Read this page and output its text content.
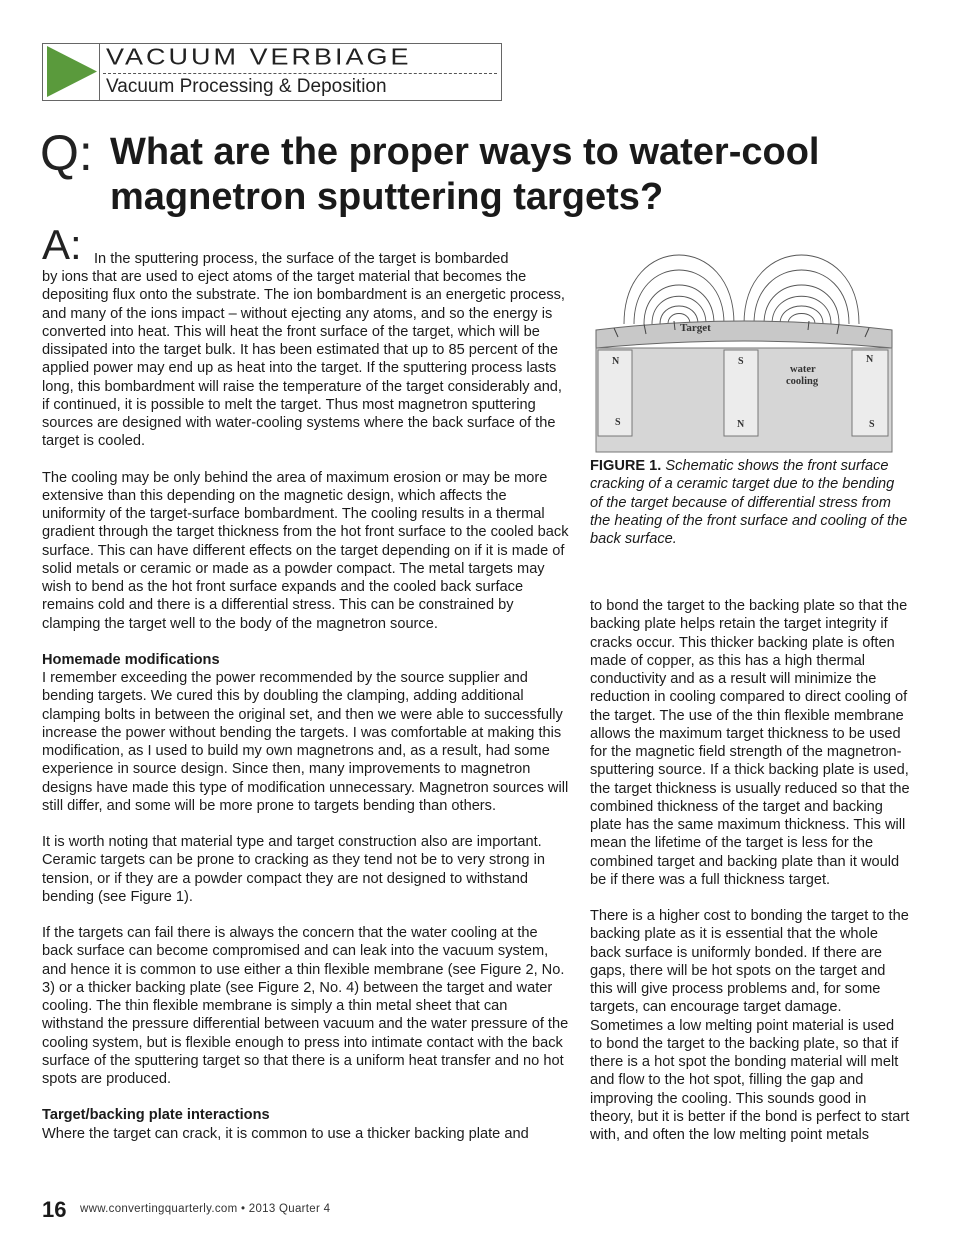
VACUUM VERBIAGE
Vacuum Processing & Deposition
Q: What are the proper ways to water-cool magnetron sputtering targets?
A: In the sputtering process, the surface of the target is bombarded

by ions that are used to eject atoms of the target material that becomes the depositing flux onto the substrate. The ion bombardment is an energetic process, and many of the ions impact – without ejecting any atoms, and so the energy is converted into heat. This will heat the front surface of the target, which will be dissipated into the target bulk. It has been estimated that up to 85 percent of the applied power may end up as heat into the target. If the sputtering process lasts long, this bombardment will raise the temperature of the target considerably and, if continued, it is possible to melt the target. Thus most magnetron sputtering sources are designed with water-cooling systems where the back surface of the target is cooled.

The cooling may be only behind the area of maximum erosion or may be more extensive than this depending on the magnetic design, which affects the uniformity of the target-surface bombardment. The cooling results in a thermal gradient through the target thickness from the hot front surface to the cooled back surface. This can have different effects on the target depending on if it is made of solid metals or ceramic or made as a powder compact. The metal targets may wish to bend as the hot front surface expands and the cooled back surface remains cold and there is a differential stress. This can be constrained by clamping the target well to the body of the magnetron source.

Homemade modifications

I remember exceeding the power recommended by the source supplier and bending targets. We cured this by doubling the clamping, adding additional clamping bolts in between the original set, and then we were able to successfully increase the power without bending the targets. I was comfortable at making this modification, as I used to build my own magnetrons and, as a result, had some experience in source design. Since then, many improvements to magnetron designs have made this type of modification unnecessary. Magnetron sources will still differ, and some will be more prone to targets bending than others.

It is worth noting that material type and target construction also are important. Ceramic targets can be prone to cracking as they tend not be to very strong in tension, or if they are a powder compact they are not designed to withstand bending (see Figure 1).

If the targets can fail there is always the concern that the water cooling at the back surface can become compromised and can leak into the vacuum system, and hence it is common to use either a thin flexible membrane (see Figure 2, No. 3) or a thicker backing plate (see Figure 2, No. 4) between the target and water cooling. The thin flexible membrane is simply a thin metal sheet that can withstand the pressure differential between vacuum and the water pressure of the cooling system, but is flexible enough to press into intimate contact with the back surface of the sputtering target so that there is a uniform heat transfer and no hot spots are produced.

Target/backing plate interactions

Where the target can crack, it is common to use a thicker backing plate and

Target
N
S
S
N
N
S
water
cooling
FIGURE 1. Schematic shows the front surface cracking of a ceramic target due to the bending of the target because of differential stress from the heating of the front surface and cooling of the back surface.

to bond the target to the backing plate so that the backing plate helps retain the target integrity if cracks occur. This thicker backing plate is often made of copper, as this has a high thermal conductivity and as a result will minimize the reduction in cooling compared to direct cooling of the target. The use of the thin flexible membrane allows the maximum target thickness to be used for the magnetic field strength of the magnetron-sputtering source. If a thick backing plate is used, the target thickness is usually reduced so that the combined thickness of the target and backing plate has the same maximum thickness. This will mean the lifetime of the target is less for the combined target and backing plate than it would be if there was a full thickness target.

There is a higher cost to bonding the target to the backing plate as it is essential that the whole back surface is uniformly bonded. If there are gaps, there will be hot spots on the target and this will give process problems and, for some targets, can encourage target damage. Sometimes a low melting point material is used to bond the target to the backing plate, so that if there is a hot spot the bonding material will melt and flow to the hot spot, filling the gap and improving the cooling. This sounds good in theory, but it is better if the bond is perfect to start with, and often the low melting point metals

16 www.convertingquarterly.com • 2013 Quarter 4
